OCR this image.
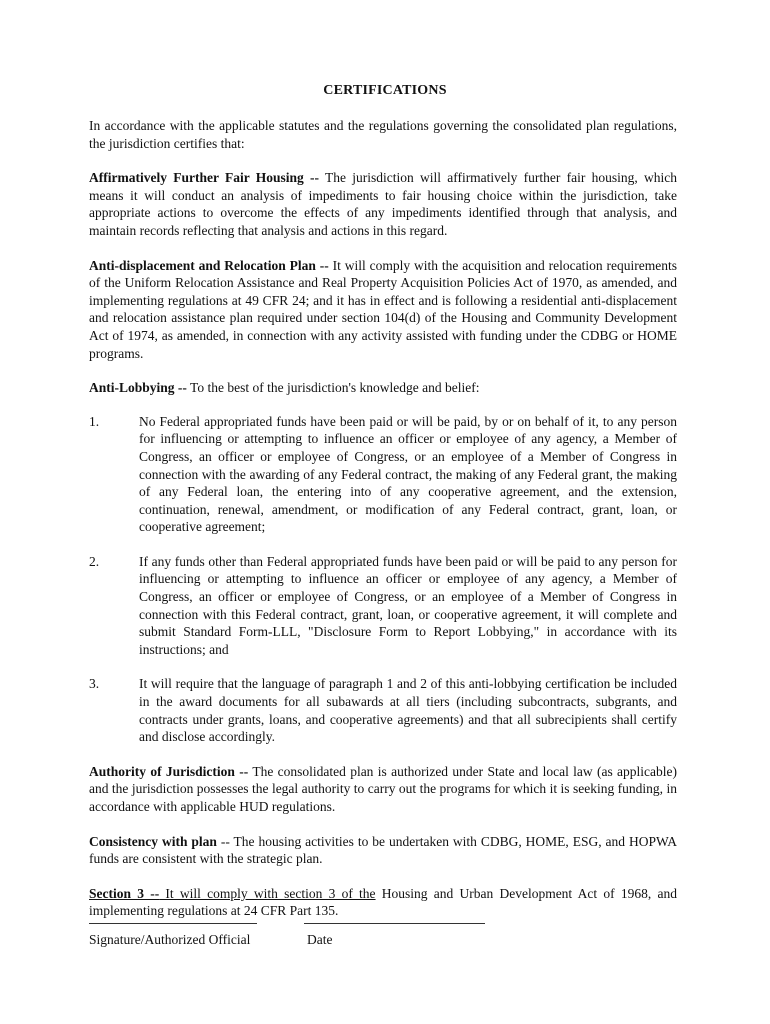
CERTIFICATIONS

In accordance with the applicable statutes and the regulations governing the consolidated plan regulations, the jurisdiction certifies that:

Affirmatively Further Fair Housing -- The jurisdiction will affirmatively further fair housing, which means it will conduct an analysis of impediments to fair housing choice within the jurisdiction, take appropriate actions to overcome the effects of any impediments identified through that analysis, and maintain records reflecting that analysis and actions in this regard.

Anti-displacement and Relocation Plan -- It will comply with the acquisition and relocation requirements of the Uniform Relocation Assistance and Real Property Acquisition Policies Act of 1970, as amended, and implementing regulations at 49 CFR 24; and it has in effect and is following a residential anti-displacement and relocation assistance plan required under section 104(d) of the Housing and Community Development Act of 1974, as amended, in connection with any activity assisted with funding under the CDBG or HOME programs.

Anti-Lobbying -- To the best of the jurisdiction's knowledge and belief:

1.	No Federal appropriated funds have been paid or will be paid, by or on behalf of it, to any person for influencing or attempting to influence an officer or employee of any agency, a Member of Congress, an officer or employee of Congress, or an employee of a Member of Congress in connection with the awarding of any Federal contract, the making of any Federal grant, the making of any Federal loan, the entering into of any cooperative agreement, and the extension, continuation, renewal, amendment, or modification of any Federal contract, grant, loan, or cooperative agreement;
2.	If any funds other than Federal appropriated funds have been paid or will be paid to any person for influencing or attempting to influence an officer or employee of any agency, a Member of Congress, an officer or employee of Congress, or an employee of a Member of Congress in connection with this Federal contract, grant, loan, or cooperative agreement, it will complete and submit Standard Form-LLL, "Disclosure Form to Report Lobbying," in accordance with its instructions; and
3.	It will require that the language of paragraph 1 and 2 of this anti-lobbying certification be included in the award documents for all subawards at all tiers (including subcontracts, subgrants, and contracts under grants, loans, and cooperative agreements) and that all subrecipients shall certify and disclose accordingly.

Authority of Jurisdiction -- The consolidated plan is authorized under State and local law (as applicable) and the jurisdiction possesses the legal authority to carry out the programs for which it is seeking funding, in accordance with applicable HUD regulations.

Consistency with plan -- The housing activities to be undertaken with CDBG, HOME, ESG, and HOPWA funds are consistent with the strategic plan.

Section 3 -- It will comply with section 3 of the Housing and Urban Development Act of 1968, and implementing regulations at 24 CFR Part 135.

Signature/Authorized Official	Date
